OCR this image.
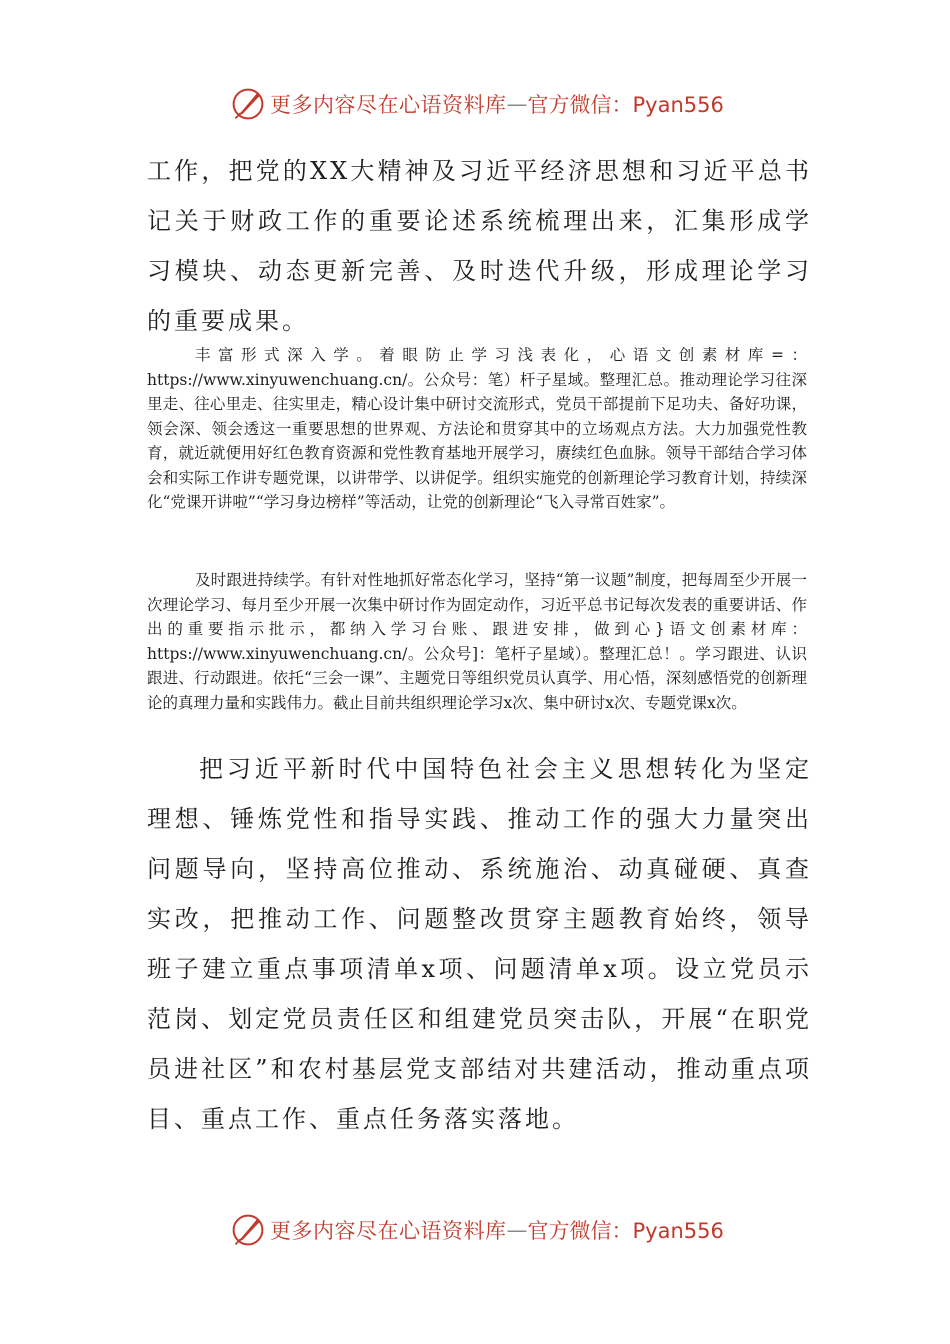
更多内容尽在心语资料库 — 官方微信：Pyan556

工作，把党的XX大精神及习近平经济思想和习近平总书记关于财政工作的重要论述系统梳理出来，汇集形成学习模块、动态更新完善、及时迭代升级，形成理论学习的重要成果。

丰富形式深入学。着眼防止学习浅表化，心语文创素材库=：https://www.xinyuwenchuang.cn/。公众号：笔）杆子星域。整理汇总。推动理论学习往深里走、往心里走、往实里走，精心设计集中研讨交流形式，党员干部提前下足功夫、备好功课，领会深、领会透这一重要思想的世界观、方法论和贯穿其中的立场观点方法。大力加强党性教育，就近就便用好红色教育资源和党性教育基地开展学习，赓续红色血脉。领导干部结合学习体会和实际工作讲专题党课，以讲带学、以讲促学。组织实施党的创新理论学习教育计划，持续深化“党课开讲啦”“学习身边榜样”等活动，让党的创新理论“飞入寻常百姓家”。

及时跟进持续学。有针对性地抓好常态化学习，坚持“第一议题”制度，把每周至少开展一次理论学习、每月至少开展一次集中研讨作为固定动作，习近平总书记每次发表的重要讲话、作出的重要指示批示，都纳入学习台账、跟进安排，做到心}语文创素材库：https://www.xinyuwenchuang.cn/。公众号]：笔杆子星域）。整理汇总！。学习跟进、认识跟进、行动跟进。依托“三会一课”、主题党日等组织党员认真学、用心悟，深刻感悟党的创新理论的真理力量和实践伟力。截止目前共组织理论学习x次、集中研讨x次、专题党课x次。

把习近平新时代中国特色社会主义思想转化为坚定理想、锤炼党性和指导实践、推动工作的强大力量突出问题导向，坚持高位推动、系统施治、动真碰硬、真查实改，把推动工作、问题整改贯穿主题教育始终，领导班子建立重点事项清单x项、问题清单x项。设立党员示范岗、划定党员责任区和组建党员突击队，开展“在职党员进社区”和农村基层党支部结对共建活动，推动重点项目、重点工作、重点任务落实落地。

更多内容尽在心语资料库 — 官方微信：Pyan556
